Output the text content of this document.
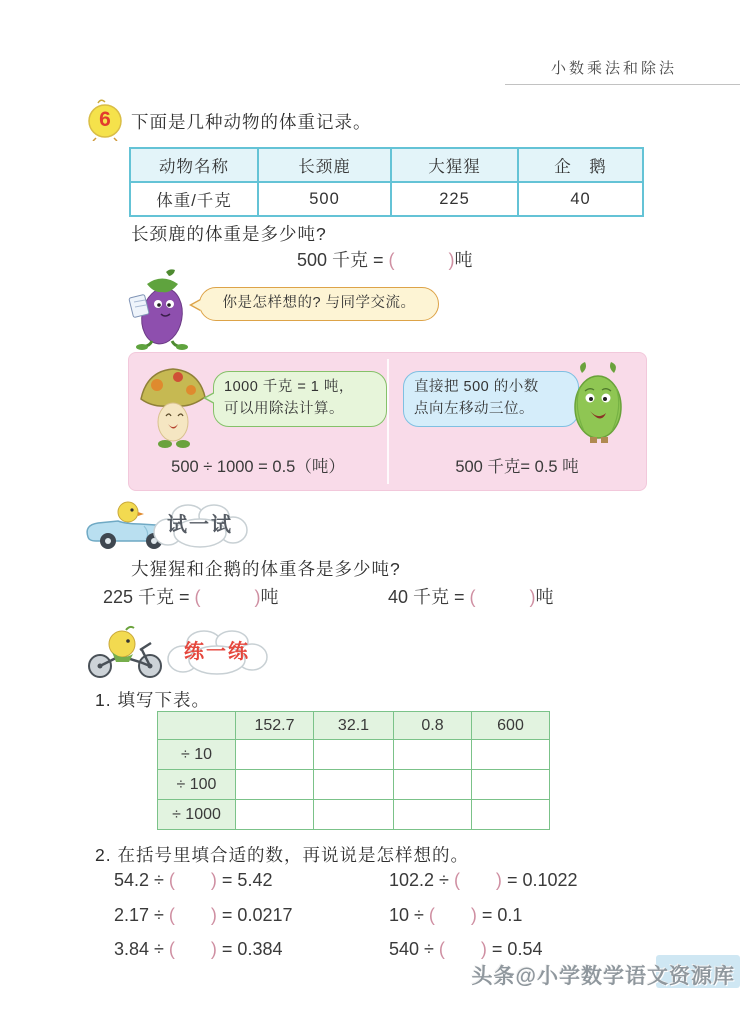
小数乘法和除法
6	下面是几种动物的体重记录。
动物名称	长颈鹿	大猩猩	企　鹅
体重/千克	500	225	40
长颈鹿的体重是多少吨?
500 千克 = (　　　)吨
你是怎样想的? 与同学交流。
1000 千克 = 1 吨，
可以用除法计算。
直接把 500 的小数
点向左移动三位。
500 ÷ 1000 = 0.5（吨）	500 千克= 0.5 吨
试一试
大猩猩和企鹅的体重各是多少吨?
225 千克 = (　　　)吨	40 千克 = (　　　)吨
练一练
1. 填写下表。
	152.7	32.1	0.8	600
÷ 10				
÷ 100				
÷ 1000				
2. 在括号里填合适的数，再说说是怎样想的。
54.2 ÷ (　　) = 5.42	102.2 ÷ (　　) = 0.1022
2.17 ÷ (　　) = 0.0217	10 ÷ (　　) = 0.1
3.84 ÷ (　　) = 0.384	540 ÷ (　　) = 0.54
头条@小学数学语文资源库
